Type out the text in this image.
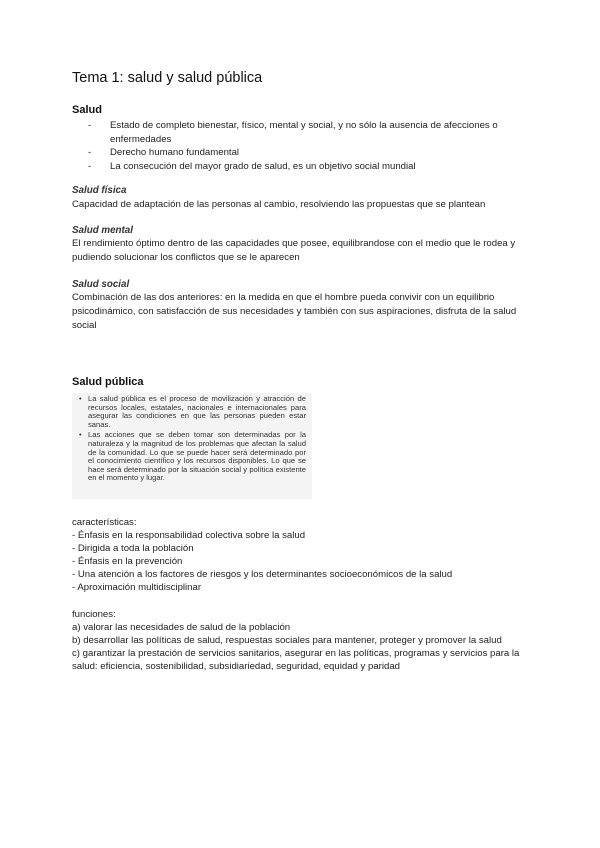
Tema 1: salud y salud pública
Salud
- Estado de completo bienestar, físico, mental y social, y no sólo la ausencia de afecciones o enfermedades
- Derecho humano fundamental
- La consecución del mayor grado de salud, es un objetivo social mundial
Salud física

Capacidad de adaptación de las personas al cambio, resolviendo las propuestas que se plantean

Salud mental

El rendimiento óptimo dentro de las capacidades que posee, equilibrandose con el medio que le rodea y pudiendo solucionar los conflictos que se le aparecen

Salud social

Combinación de las dos anteriores: en la medida en que el hombre pueda convivir con un equilibrio psicodinámico, con satisfacción de sus necesidades y también con sus aspiraciones, disfruta de la salud social

Salud pública
• La salud pública es el proceso de movilización y atracción de recursos locales, estatales, nacionales e internacionales para asegurar las condiciones en que las personas pueden estar sanas.
• Las acciones que se deben tomar son determinadas por la naturaleza y la magnitud de los problemas que afectan la salud de la comunidad. Lo que se puede hacer será determinado por el conocimiento científico y los recursos disponibles. Lo que se hace será determinado por la situación social y política existente en el momento y lugar.
características:
- Énfasis en la responsabilidad colectiva sobre la salud
- Dirigida a toda la población
- Énfasis en la prevención
- Una atención a los factores de riesgos y los determinantes socioeconómicos de la salud
- Aproximación multidisciplinar
funciones:
a) valorar las necesidades de salud de la población
b) desarrollar las políticas de salud, respuestas sociales para mantener, proteger y promover la salud
c) garantizar la prestación de servicios sanitarios, asegurar en las políticas, programas y servicios para la salud: eficiencia, sostenibilidad, subsidiariedad, seguridad, equidad y paridad
